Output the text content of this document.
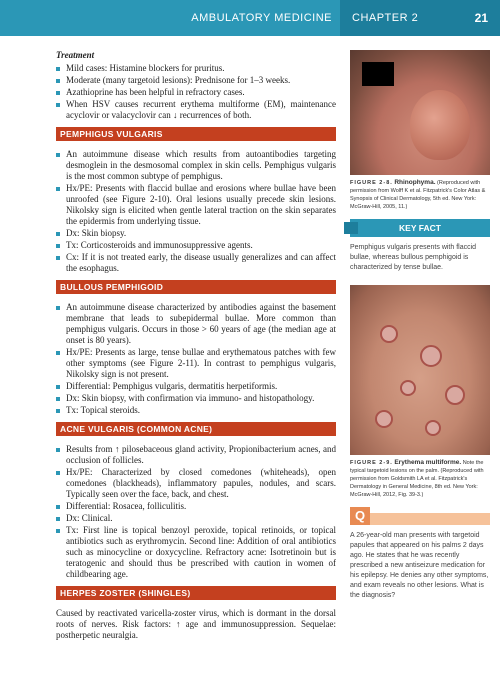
AMBULATORY MEDICINE CHAPTER 2	21
Treatment
Mild cases: Histamine blockers for pruritus.
Moderate (many targetoid lesions): Prednisone for 1–3 weeks.
Azathioprine has been helpful in refractory cases.
When HSV causes recurrent erythema multiforme (EM), maintenance acyclovir or valacyclovir can ↓ recurrences of both.
PEMPHIGUS VULGARIS
An autoimmune disease which results from autoantibodies targeting desmoglein in the desmosomal complex in skin cells. Pemphigus vulgaris is the most common subtype of pemphigus.
Hx/PE: Presents with flaccid bullae and erosions where bullae have been unroofed (see Figure 2-10). Oral lesions usually precede skin lesions. Nikolsky sign is elicited when gentle lateral traction on the skin separates the epidermis from underlying tissue.
Dx: Skin biopsy.
Tx: Corticosteroids and immunosuppressive agents.
Cx: If it is not treated early, the disease usually generalizes and can affect the esophagus.
BULLOUS PEMPHIGOID
An autoimmune disease characterized by antibodies against the basement membrane that leads to subepidermal bullae. More common than pemphigus vulgaris. Occurs in those > 60 years of age (the median age at onset is 80 years).
Hx/PE: Presents as large, tense bullae and erythematous patches with few other symptoms (see Figure 2-11). In contrast to pemphigus vulgaris, Nikolsky sign is not present.
Differential: Pemphigus vulgaris, dermatitis herpetiformis.
Dx: Skin biopsy, with confirmation via immuno- and histopathology.
Tx: Topical steroids.
ACNE VULGARIS (COMMON ACNE)
Results from ↑ pilosebaceous gland activity, Propionibacterium acnes, and occlusion of follicles.
Hx/PE: Characterized by closed comedones (whiteheads), open comedones (blackheads), inflammatory papules, nodules, and scars. Typically seen over the face, back, and chest.
Differential: Rosacea, folliculitis.
Dx: Clinical.
Tx: First line is topical benzoyl peroxide, topical retinoids, or topical antibiotics such as erythromycin. Second line: Addition of oral antibiotics such as minocycline or doxycycline. Refractory acne: Isotretinoin but is teratogenic and should thus be prescribed with caution in women of childbearing age.
HERPES ZOSTER (SHINGLES)
Caused by reactivated varicella-zoster virus, which is dormant in the dorsal roots of nerves. Risk factors: ↑ age and immunosuppression. Sequelae: postherpetic neuralgia.
FIGURE 2-8. Rhinophyma. (Reproduced with permission from Wolff K et al. Fitzpatrick's Color Atlas & Synopsis of Clinical Dermatology, 5th ed. New York: McGraw-Hill, 2005, 11.)
KEY FACT
Pemphigus vulgaris presents with flaccid bullae, whereas bullous pemphigoid is characterized by tense bullae.
FIGURE 2-9. Erythema multiforme. Note the typical targetoid lesions on the palm. (Reproduced with permission from Goldsmith LA et al. Fitzpatrick's Dermatology in General Medicine, 8th ed. New York: McGraw-Hill, 2012, Fig. 39-3.)
Q
A 26-year-old man presents with targetoid papules that appeared on his palms 2 days ago. He states that he was recently prescribed a new antiseizure medication for his epilepsy. He denies any other symptoms, and exam reveals no other lesions. What is the diagnosis?
